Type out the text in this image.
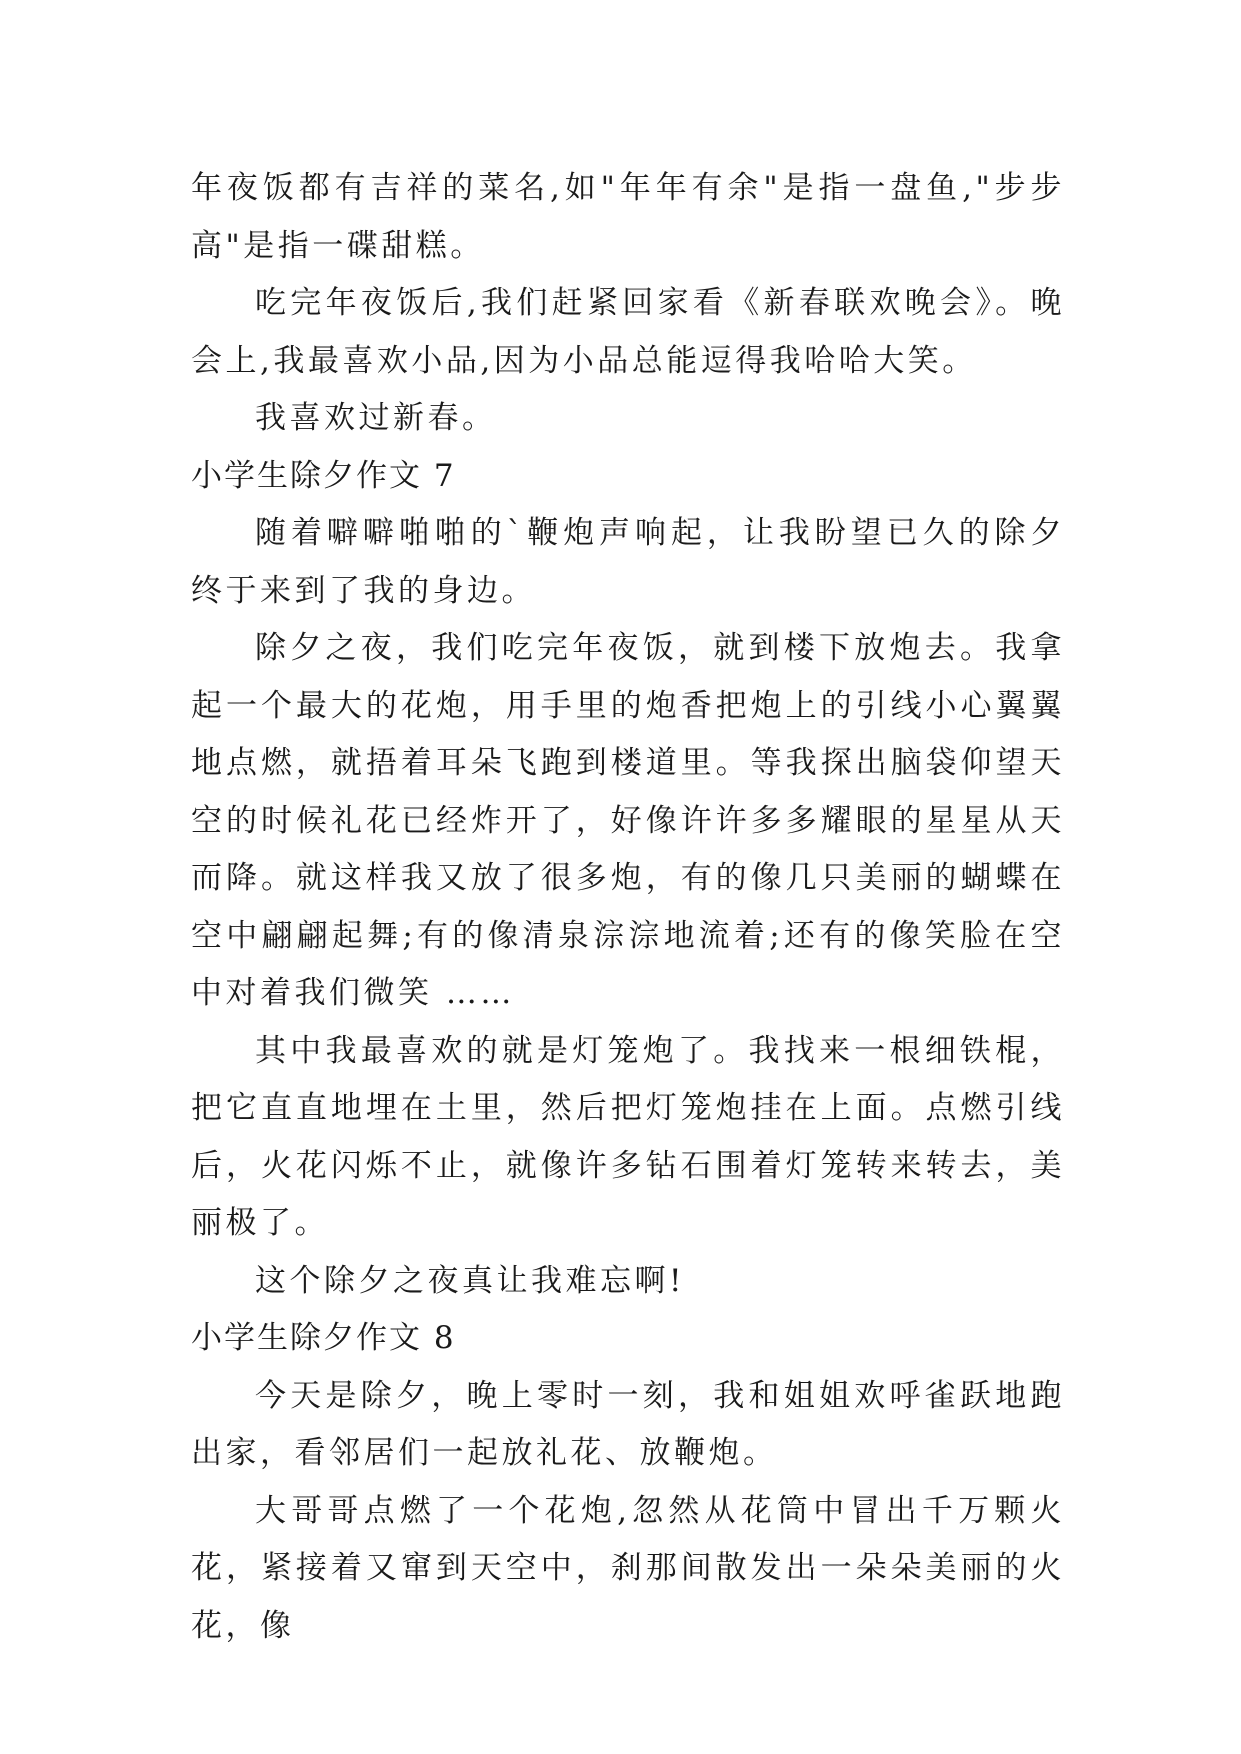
年夜饭都有吉祥的菜名,如"年年有余"是指一盘鱼,"步步高"是指一碟甜糕。

吃完年夜饭后,我们赶紧回家看《新春联欢晚会》。晚会上,我最喜欢小品,因为小品总能逗得我哈哈大笑。

我喜欢过新春。

小学生除夕作文 7

随着噼噼啪啪的`鞭炮声响起，让我盼望已久的除夕终于来到了我的身边。

除夕之夜，我们吃完年夜饭，就到楼下放炮去。我拿起一个最大的花炮，用手里的炮香把炮上的引线小心翼翼地点燃，就捂着耳朵飞跑到楼道里。等我探出脑袋仰望天空的时候礼花已经炸开了，好像许许多多耀眼的星星从天而降。就这样我又放了很多炮，有的像几只美丽的蝴蝶在空中翩翩起舞;有的像清泉淙淙地流着;还有的像笑脸在空中对着我们微笑 ……

其中我最喜欢的就是灯笼炮了。我找来一根细铁棍，把它直直地埋在土里，然后把灯笼炮挂在上面。点燃引线后，火花闪烁不止，就像许多钻石围着灯笼转来转去，美丽极了。

这个除夕之夜真让我难忘啊!

小学生除夕作文 8

今天是除夕，晚上零时一刻，我和姐姐欢呼雀跃地跑出家，看邻居们一起放礼花、放鞭炮。

大哥哥点燃了一个花炮,忽然从花筒中冒出千万颗火花，紧接着又窜到天空中，刹那间散发出一朵朵美丽的火花，像
